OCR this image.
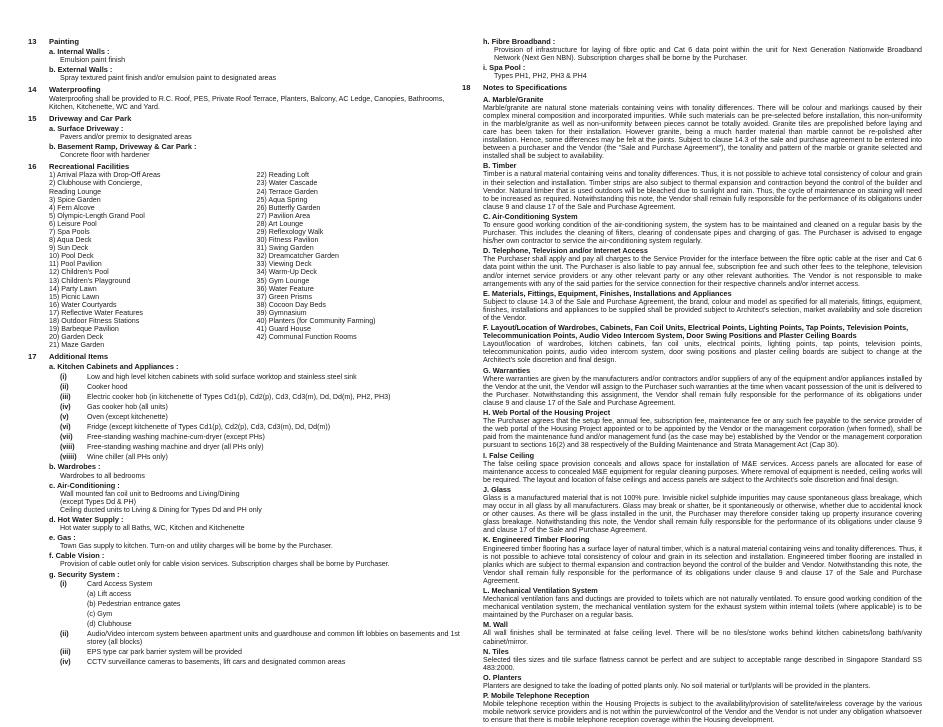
13 Painting
a. Internal Walls :
Emulsion paint finish
b. External Walls :
Spray textured paint finish and/or emulsion paint to designated areas
14 Waterproofing
Waterproofing shall be provided to R.C. Roof, PES, Private Roof Terrace, Planters, Balcony, AC Ledge, Canopies, Bathrooms, Kitchen, Kitchenette, WC and Yard.
15 Driveway and Car Park
a. Surface Driveway :
Pavers and/or premix to designated areas
b. Basement Ramp, Driveway & Car Park :
Concrete floor with hardener
16 Recreational Facilities
1) Arrival Plaza with Drop-Off Areas
2) Clubhouse with Concierge,
Reading Lounge
3) Spice Garden
4) Fern Alcove
5) Olympic-Length Grand Pool
6) Leisure Pool
7) Spa Pools
8) Aqua Deck
9) Sun Deck
10) Pool Deck
11) Pool Pavilion
12) Children's Pool
13) Children's Playground
14) Party Lawn
15) Picnic Lawn
16) Water Courtyards
17) Reflective Water Features
18) Outdoor Fitness Stations
19) Barbeque Pavilion
20) Garden Deck
21) Maze Garden
22) Reading Loft
23) Water Cascade
24) Terrace Garden
25) Aqua Spring
26) Butterfly Garden
27) Pavilion Area
28) Art Lounge
29) Reflexology Walk
30) Fitness Pavilion
31) Swing Garden
32) Dreamcatcher Garden
33) Viewing Deck
34) Warm-Up Deck
35) Gym Lounge
36) Water Feature
37) Green Prisms
38) Cocoon Day Beds
39) Gymnasium
40) Planters (for Community Farming)
41) Guard House
42) Communal Function Rooms
17 Additional Items
a. Kitchen Cabinets and Appliances :
(i)	Low and high level kitchen cabinets with solid surface worktop and stainless steel sink
(ii)	Cooker hood
(iii) Electric cooker hob (in kitchenette of Types Cd1(p), Cd2(p), Cd3, Cd3(m), Dd, Dd(m), PH2, PH3)
(iv) Gas cooker hob (all units)
(v)	Oven (except kitchenette)
(vi) Fridge (except kitchenette of Types Cd1(p), Cd2(p), Cd3, Cd3(m), Dd, Dd(m))
(vii) Free-standing washing machine-cum-dryer (except PHs)
(viii) Free-standing washing machine and dryer (all PHs only)
(viiii) Wine chiller (all PHs only)
b. Wardrobes :
Wardrobes to all bedrooms
c. Air-Conditioning :
Wall mounted fan coil unit to Bedrooms and Living/Dining
(except Types Dd & PH)
Ceiling ducted units to Living & Dining for Types Dd and PH only
d. Hot Water Supply :
Hot water supply to all Baths, WC, Kitchen and Kitchenette
e. Gas :
Town Gas supply to kitchen. Turn-on and utility charges will be borne by the Purchaser.
f. Cable Vision :
Provision of cable outlet only for cable vision services. Subscription charges shall be borne by Purchaser.
g. Security System :
(i)	Card Access System
(a) Lift access
(b) Pedestrian entrance gates
(c) Gym
(d) Clubhouse
(ii)	Audio/Video intercom system between apartment units and guardhouse and common lift lobbies on basements and 1st storey (all blocks)
(iii) EPS type car park barrier system will be provided
(iv) CCTV surveillance cameras to basements, lift cars and designated common areas
h. Fibre Broadband :
Provision of infrastructure for laying of fibre optic and Cat 6 data point within the unit for Next Generation Nationwide Broadband Network (Next Gen NBN). Subscription charges shall be borne by the Purchaser.
i. Spa Pool :
Types PH1, PH2, PH3 & PH4
18 Notes to Specifications
A. Marble/Granite
Marble/granite are natural stone materials containing veins with tonality differences. There will be colour and markings caused by their complex mineral composition and incorporated impurities. While such materials can be pre-selected before installation, this non-uniformity in the marble/granite as well as non-uniformity between pieces cannot be totally avoided. Granite tiles are prepolished before laying and care has been taken for their installation. However granite, being a much harder material than marble cannot be re-polished after installation. Hence, some differences may be felt at the joints. Subject to clause 14.3 of the sale and purchase agreement to be entered into between a purchaser and the Vendor (the "Sale and Purchase Agreement"), the tonality and pattern of the marble or granite selected and installed shall be subject to availability.
B. Timber
Timber is a natural material containing veins and tonality differences. Thus, it is not possible to achieve total consistency of colour and grain in their selection and installation. Timber strips are also subject to thermal expansion and contraction beyond the control of the builder and Vendor. Natural timber that is used outdoors will be bleached due to sunlight and rain. Thus, the cycle of maintenance on staining will need to be increased as required. Notwithstanding this note, the Vendor shall remain fully responsible for the performance of its obligations under clause 9 and clause 17 of the Sale and Purchase Agreement.
C. Air-Conditioning System
To ensure good working condition of the air-conditioning system, the system has to be maintained and cleaned on a regular basis by the Purchaser. This includes the cleaning of filters, clearing of condensate pipes and charging of gas. The Purchaser is advised to engage his/her own contractor to service the air-conditioning system regularly.
D. Telephone, Television and/or Internet Access
The Purchaser shall apply and pay all charges to the Service Provider for the interface between the fibre optic cable at the riser and Cat 6 data point within the unit. The Purchaser is also liable to pay annual fee, subscription fee and such other fees to the telephone, television and/or internet service providers or any other relevant party or any other relevant authorities. The Vendor is not responsible to make arrangements with any of the said parties for the service connection for their respective channels and/or internet access.
E. Materials, Fittings, Equipment, Finishes, Installations and Appliances
Subject to clause 14.3 of the Sale and Purchase Agreement, the brand, colour and model as specified for all materials, fittings, equipment, finishes, installations and appliances to be supplied shall be provided subject to Architect's selection, market availability and sole discretion of the Vendor.
F. Layout/Location of Wardrobes, Cabinets, Fan Coil Units, Electrical Points, Lighting Points, Tap Points, Television Points, Telecommunication Points, Audio Video Intercom System, Door Swing Positions and Plaster Ceiling Boards
Layout/location of wardrobes, kitchen cabinets, fan coil units, electrical points, lighting points, tap points, television points, telecommunication points, audio video intercom system, door swing positions and plaster ceiling boards are subject to change at the Architect's sole discretion and final design.
G. Warranties
Where warranties are given by the manufacturers and/or contractors and/or suppliers of any of the equipment and/or appliances installed by the Vendor at the unit, the Vendor will assign to the Purchaser such warranties at the time when vacant possession of the unit is delivered to the Purchaser. Notwithstanding this assignment, the Vendor shall remain fully responsible for the performance of its obligations under clause 9 and clause 17 of the Sale and Purchase Agreement.
H. Web Portal of the Housing Project
The Purchaser agrees that the setup fee, annual fee, subscription fee, maintenance fee or any such fee payable to the service provider of the web portal of the Housing Project appointed or to be appointed by the Vendor or the management corporation (when formed), shall be paid from the maintenance fund and/or management fund (as the case may be) established by the Vendor or the management corporation pursuant to sections 16(2) and 38 respectively of the Building Maintenance and Strata Management Act (Cap 30).
I. False Ceiling
The false ceiling space provision conceals and allows space for installation of M&E services. Access panels are allocated for ease of maintenance access to concealed M&E equipment for regular cleaning purposes. Where removal of equipment is needed, ceiling works will be required. The layout and location of false ceilings and access panels are subject to the Architect's sole discretion and final design.
J. Glass
Glass is a manufactured material that is not 100% pure. Invisible nickel sulphide impurities may cause spontaneous glass breakage, which may occur in all glass by all manufacturers. Glass may break or shatter, be it spontaneously or otherwise, whether due to accidental knock or other causes. As there will be glass installed in the unit, the Purchaser may therefore consider taking up property insurance covering glass breakage. Notwithstanding this note, the Vendor shall remain fully responsible for the performance of its obligations under clause 9 and clause 17 of the Sale and Purchase Agreement.
K. Engineered Timber Flooring
Engineered timber flooring has a surface layer of natural timber, which is a natural material containing veins and tonality differences. Thus, it is not possible to achieve total consistency of colour and grain in its selection and installation. Engineered timber flooring are installed in planks which are subject to thermal expansion and contraction beyond the control of the builder and Vendor. Notwithstanding this note, the Vendor shall remain fully responsible for the performance of its obligations under clause 9 and clause 17 of the Sale and Purchase Agreement.
L. Mechanical Ventilation System
Mechanical ventilation fans and ductings are provided to toilets which are not naturally ventilated. To ensure good working condition of the mechanical ventilation system, the mechanical ventilation system for the exhaust system within internal toilets (where applicable) is to be maintained by the Purchaser on a regular basis.
M. Wall
All wall finishes shall be terminated at false ceiling level. There will be no tiles/stone works behind kitchen cabinets/long bath/vanity cabinet/mirror.
N. Tiles
Selected tiles sizes and tile surface flatness cannot be perfect and are subject to acceptable range described in Singapore Standard SS 483:2000.
O. Planters
Planters are designed to take the loading of potted plants only. No soil material or turf/plants will be provided in the planters.
P. Mobile Telephone Reception
Mobile telephone reception within the Housing Projects is subject to the availability/provision of satellite/wireless coverage by the various mobile network service providers and is not within the purview/control of the Vendor and the Vendor is not under any obligation whatsoever to ensure that there is mobile telephone reception coverage within the Housing development.
